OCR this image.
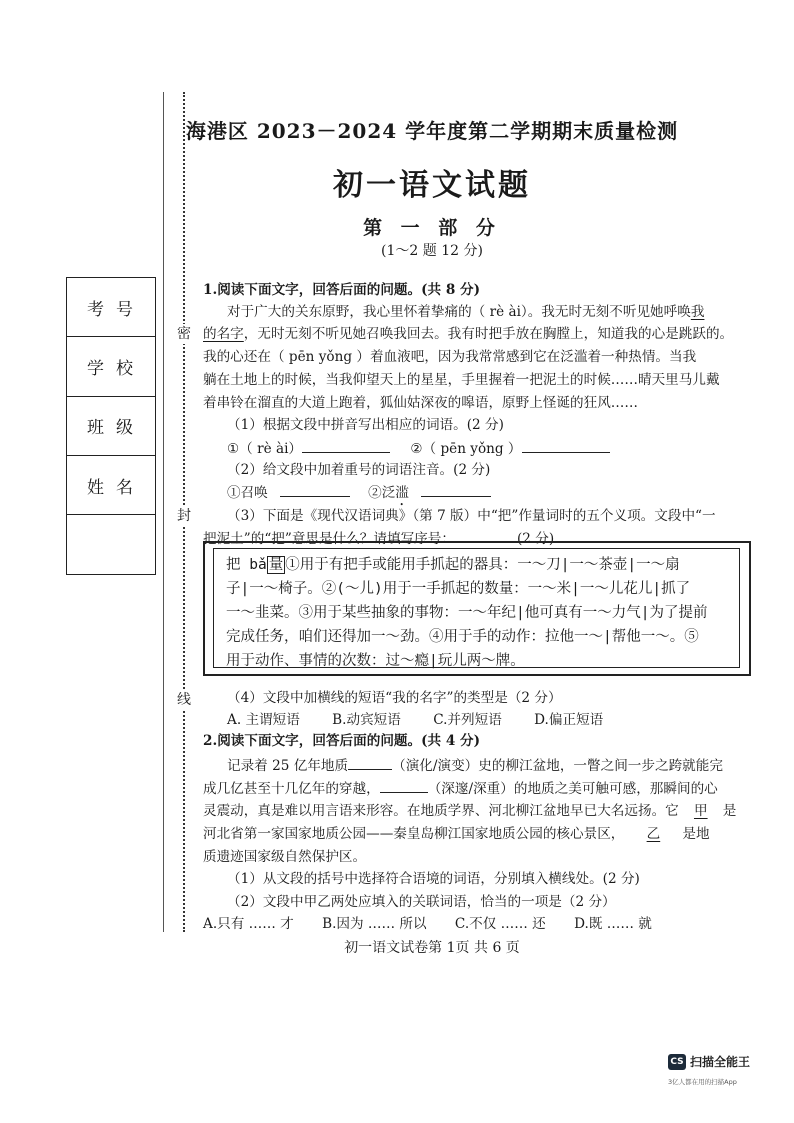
密
封
线
考号
学校
班级
姓名
海港区 2023－2024 学年度第二学期期末质量检测
初一语文试题
第 一 部 分
(1～2 题 12 分)
1.阅读下面文字，回答后面的问题。(共 8 分)
对于广大的关东原野，我心里怀着挚痛的（ rè ài）。我无时无刻不听见她呼唤我
的名字，无时无刻不听见她召唤我回去。我有时把手放在胸膛上，知道我的心是跳跃的。
我的心还在（ pēn yǒng ）着血液吧，因为我常常感到它在泛滥着一种热情。当我
躺在土地上的时候，当我仰望天上的星星，手里握着一把泥土的时候……晴天里马儿戴
着串铃在溜直的大道上跑着，狐仙姑深夜的嗥语，原野上怪诞的狂风……
（1）根据文段中拼音写出相应的词语。(2 分)
①（ rè ài）	②（ pēn yǒng ）
（2）给文段中加着重号的词语注音。(2 分)
①召唤	②泛滥
（3）下面是《现代汉语词典》（第 7 版）中“把”作量词时的五个义项。文段中“一
把泥土”的“把”意思是什么？请填写序号：	(2 分)
把 bǎ 量 ①用于有把手或能用手抓起的器具：一～刀|一～茶壶|一～扇
子|一～椅子。②(～儿)用于一手抓起的数量：一～米|一～儿花儿|抓了
一～韭菜。③用于某些抽象的事物：一～年纪|他可真有一～力气|为了提前
完成任务，咱们还得加一～劲。④用于手的动作：拉他一～|帮他一～。⑤
用于动作、事情的次数：过～瘾|玩儿两～牌。
（4）文段中加横线的短语“我的名字”的类型是（2 分）
A. 主谓短语 B.动宾短语 C.并列短语 D.偏正短语
2.阅读下面文字，回答后面的问题。(共 4 分)
记录着 25 亿年地质	（演化/演变）史的柳江盆地，一瞥之间一步之跨就能完
成几亿甚至十几亿年的穿越，	（深邃/深重）的地质之美可触可感，那瞬间的心
灵震动，真是难以用言语来形容。在地质学界、河北柳江盆地早已大名远扬。它 甲 是
河北省第一家国家地质公园——秦皇岛柳江国家地质公园的核心景区， 乙 是地
质遗迹国家级自然保护区。
（1）从文段的括号中选择符合语境的词语，分别填入横线处。(2 分)
（2）文段中甲乙两处应填入的关联词语，恰当的一项是（2 分）
A.只有 …… 才 B.因为 …… 所以 C.不仅 …… 还 D.既 …… 就
初一语文试卷第 1页 共 6 页
CS 扫描全能王
3亿人都在用的扫描App
